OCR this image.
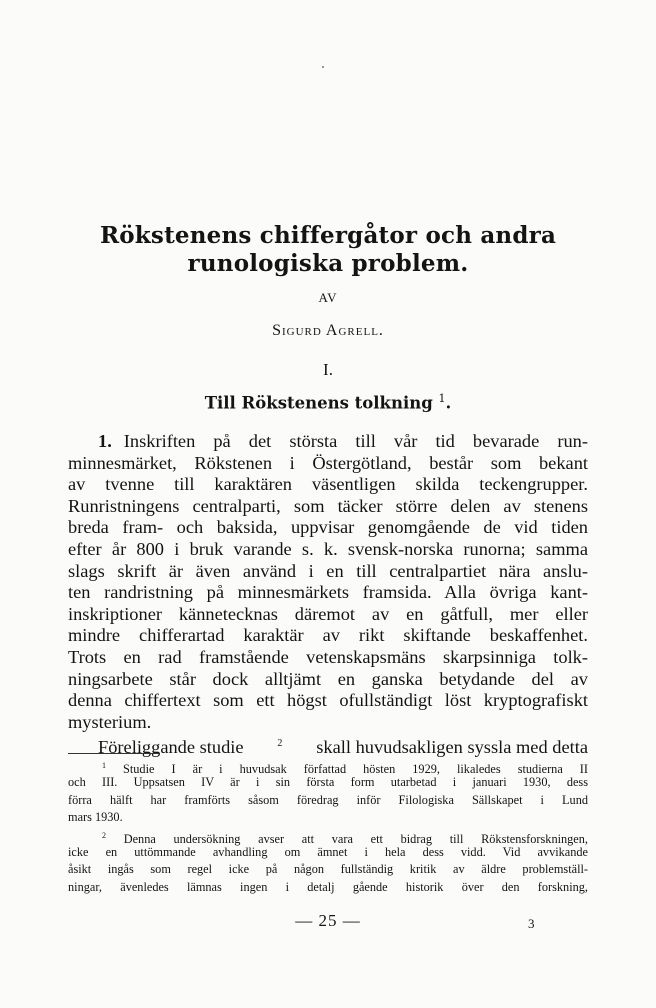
Rökstenens chiffergåtor och andra
runologiska problem.
AV
Sigurd Agrell.
I.
Till Rökstenens tolkning $^1$.
1. Inskriften på det största till vår tid bevarade run-
minnesmärket, Rökstenen i Östergötland, består som bekant
av tvenne till karaktären väsentligen skilda teckengrupper.
Runristningens centralparti, som täcker större delen av stenens
breda fram- och baksida, uppvisar genomgående de vid tiden
efter år 800 i bruk varande s. k. svensk-norska runorna; samma
slags skrift är även använd i en till centralpartiet nära anslu-
ten randristning på minnesmärkets framsida. Alla övriga kant-
inskriptioner kännetecknas däremot av en gåtfull, mer eller
mindre chifferartad karaktär av rikt skiftande beskaffenhet.
Trots en rad framstående vetenskapsmäns skarpsinniga tolk-
ningsarbete står dock alltjämt en ganska betydande del av
denna chiffertext som ett högst ofullständigt löst kryptografiskt
mysterium.
Föreliggande studie	$^2$ skall huvudsakligen syssla med detta
$^1$ Studie I är i huvudsak författad hösten 1929, likaledes studierna II
och III. Uppsatsen IV är i sin första form utarbetad i januari 1930, dess
förra hälft har framförts såsom föredrag inför Filologiska Sällskapet i Lund
mars 1930.
$^2$ Denna undersökning avser att vara ett bidrag till Rökstensforskningen,
icke en uttömmande avhandling om ämnet i hela dess vidd. Vid avvikande
åsikt ingås som regel icke på någon fullständig kritik av äldre problemställ-
ningar, ävenledes lämnas ingen i detalj gående historik över den forskning,
— 25 —	3
